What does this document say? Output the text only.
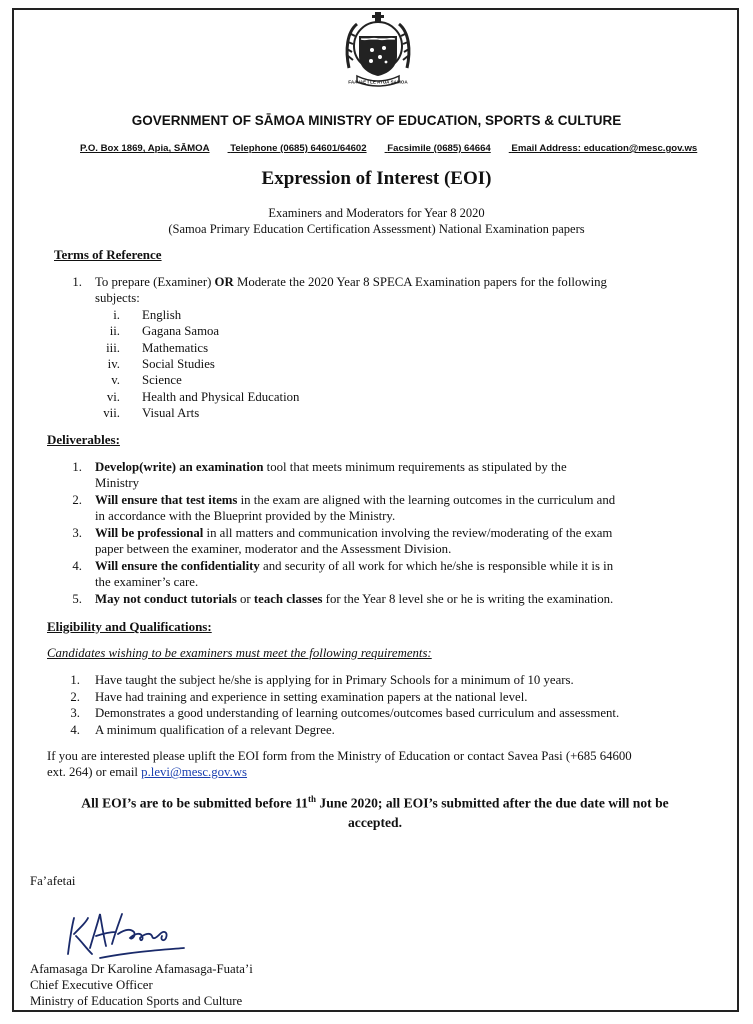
FAAVAE I LE ATUA SAMOA
GOVERNMENT OF SĀMOA MINISTRY OF EDUCATION, SPORTS & CULTURE
P.O. Box 1869, Apia, SĀMOA Telephone (0685) 64601/64602 Facsimile (0685) 64664 Email Address: education@mesc.gov.ws
Expression of Interest (EOI)
Examiners and Moderators for Year 8 2020
(Samoa Primary Education Certification Assessment) National Examination papers
Terms of Reference
1. To prepare (Examiner) OR Moderate the 2020 Year 8 SPECA Examination papers for the following
subjects:
i. English
ii. Gagana Samoa
iii. Mathematics
iv. Social Studies
v. Science
vi. Health and Physical Education
vii. Visual Arts
Deliverables:
1. Develop(write) an examination tool that meets minimum requirements as stipulated by the
Ministry
2. Will ensure that test items in the exam are aligned with the learning outcomes in the curriculum and
in accordance with the Blueprint provided by the Ministry.
3. Will be professional in all matters and communication involving the review/moderating of the exam
paper between the examiner, moderator and the Assessment Division.
4. Will ensure the confidentiality and security of all work for which he/she is responsible while it is in
the examiner’s care.
5. May not conduct tutorials or teach classes for the Year 8 level she or he is writing the examination.
Eligibility and Qualifications:
Candidates wishing to be examiners must meet the following requirements:
1. Have taught the subject he/she is applying for in Primary Schools for a minimum of 10 years.
2. Have had training and experience in setting examination papers at the national level.
3. Demonstrates a good understanding of learning outcomes/outcomes based curriculum and assessment.
4. A minimum qualification of a relevant Degree.
If you are interested please uplift the EOI form from the Ministry of Education or contact Savea Pasi (+685 64600
ext. 264) or email p.levi@mesc.gov.ws
All EOI’s are to be submitted before 11th June 2020; all EOI’s submitted after the due date will not be
accepted.
Fa’afetai
Afamasaga Dr Karoline Afamasaga-Fuata’i
Chief Executive Officer
Ministry of Education Sports and Culture
